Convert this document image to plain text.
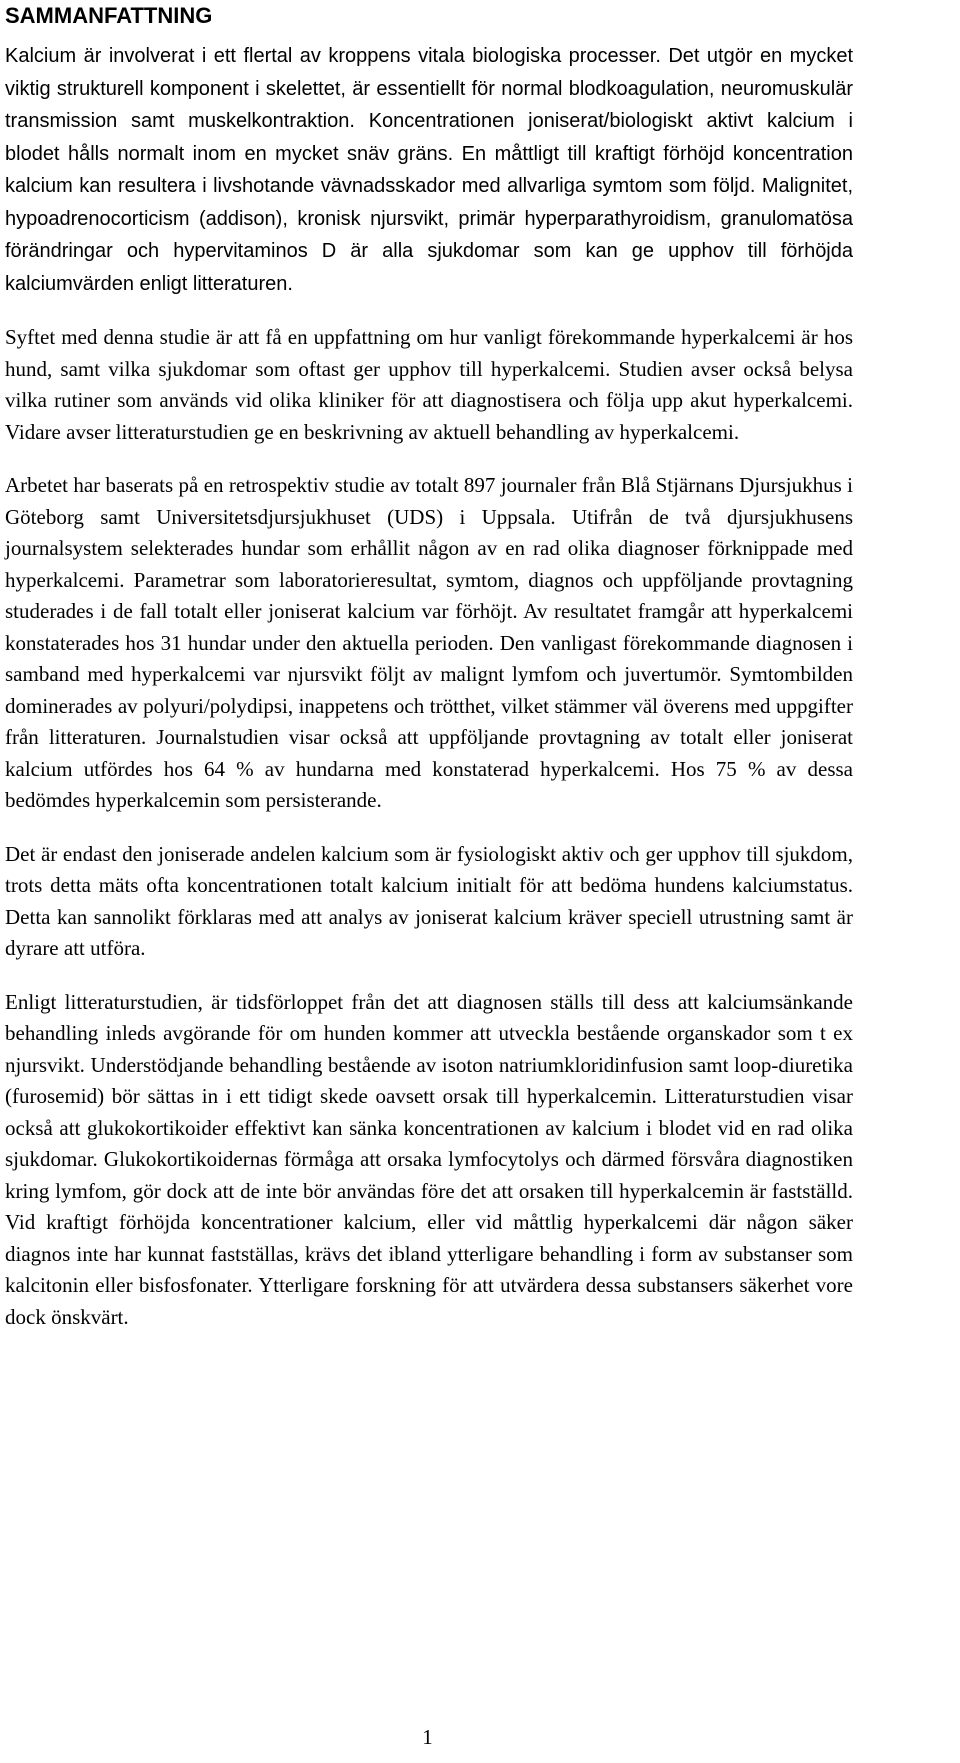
SAMMANFATTNING

Kalcium är involverat i ett flertal av kroppens vitala biologiska processer. Det utgör en mycket viktig strukturell komponent i skelettet, är essentiellt för normal blodkoagulation, neuromuskulär transmission samt muskelkontraktion. Koncentrationen joniserat/biologiskt aktivt kalcium i blodet hålls normalt inom en mycket snäv gräns. En måttligt till kraftigt förhöjd koncentration kalcium kan resultera i livshotande vävnadsskador med allvarliga symtom som följd. Malignitet, hypoadrenocorticism (addison), kronisk njursvikt, primär hyperparathyroidism, granulomatösa förändringar och hypervitaminos D är alla sjukdomar som kan ge upphov till förhöjda kalciumvärden enligt litteraturen.

Syftet med denna studie är att få en uppfattning om hur vanligt förekommande hyperkalcemi är hos hund, samt vilka sjukdomar som oftast ger upphov till hyperkalcemi. Studien avser också belysa vilka rutiner som används vid olika kliniker för att diagnostisera och följa upp akut hyperkalcemi. Vidare avser litteraturstudien ge en beskrivning av aktuell behandling av hyperkalcemi.

Arbetet har baserats på en retrospektiv studie av totalt 897 journaler från Blå Stjärnans Djursjukhus i Göteborg samt Universitetsdjursjukhuset (UDS) i Uppsala. Utifrån de två djursjukhusens journalsystem selekterades hundar som erhållit någon av en rad olika diagnoser förknippade med hyperkalcemi. Parametrar som laboratorieresultat, symtom, diagnos och uppföljande provtagning studerades i de fall totalt eller joniserat kalcium var förhöjt. Av resultatet framgår att hyperkalcemi konstaterades hos 31 hundar under den aktuella perioden. Den vanligast förekommande diagnosen i samband med hyperkalcemi var njursvikt följt av malignt lymfom och juvertumör. Symtombilden dominerades av polyuri/polydipsi, inappetens och trötthet, vilket stämmer väl överens med uppgifter från litteraturen. Journalstudien visar också att uppföljande provtagning av totalt eller joniserat kalcium utfördes hos 64 % av hundarna med konstaterad hyperkalcemi. Hos 75 % av dessa bedömdes hyperkalcemin som persisterande.

Det är endast den joniserade andelen kalcium som är fysiologiskt aktiv och ger upphov till sjukdom, trots detta mäts ofta koncentrationen totalt kalcium initialt för att bedöma hundens kalciumstatus. Detta kan sannolikt förklaras med att analys av joniserat kalcium kräver speciell utrustning samt är dyrare att utföra.

Enligt litteraturstudien, är tidsförloppet från det att diagnosen ställs till dess att kalciumsänkande behandling inleds avgörande för om hunden kommer att utveckla bestående organskador som t ex njursvikt. Understödjande behandling bestående av isoton natriumkloridinfusion samt loop-diuretika (furosemid) bör sättas in i ett tidigt skede oavsett orsak till hyperkalcemin. Litteraturstudien visar också att glukokortikoider effektivt kan sänka koncentrationen av kalcium i blodet vid en rad olika sjukdomar. Glukokortikoidernas förmåga att orsaka lymfocytolys och därmed försvåra diagnostiken kring lymfom, gör dock att de inte bör användas före det att orsaken till hyperkalcemin är fastställd. Vid kraftigt förhöjda koncentrationer kalcium, eller vid måttlig hyperkalcemi där någon säker diagnos inte har kunnat fastställas, krävs det ibland ytterligare behandling i form av substanser som kalcitonin eller bisfosfonater. Ytterligare forskning för att utvärdera dessa substansers säkerhet vore dock önskvärt.

1
